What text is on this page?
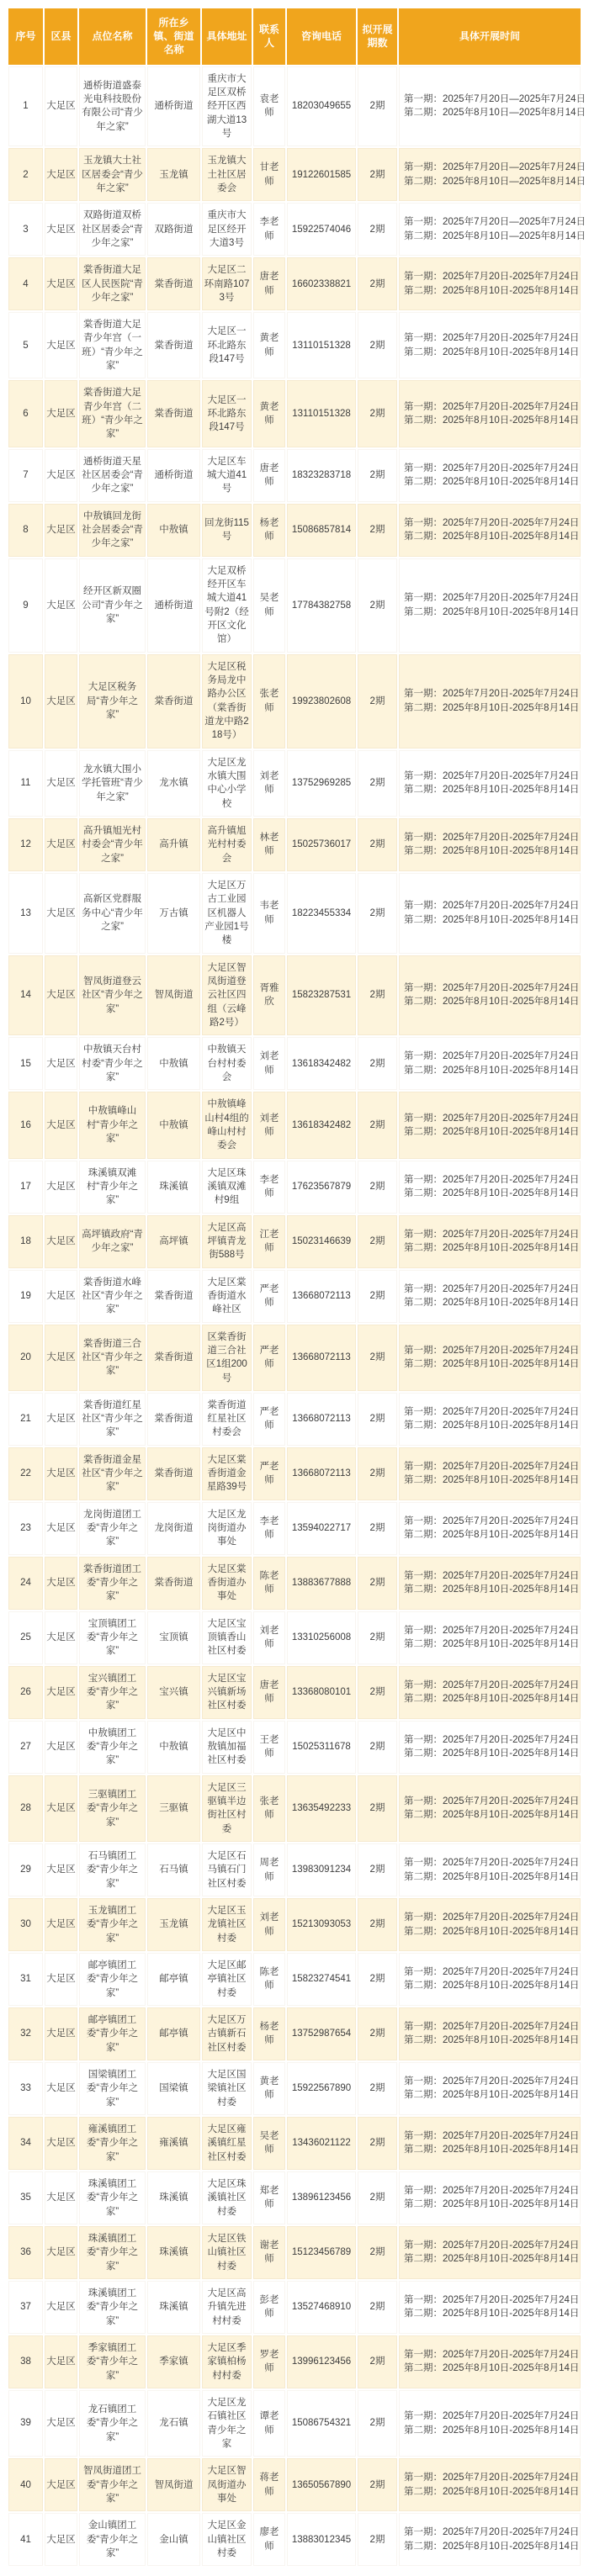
序号	区县	点位名称	所在乡镇、街道名称	具体地址	联系人	咨询电话	拟开展期数	具体开展时间
1	大足区	通桥街道盛泰光电科技股份有限公司“青少年之家”	通桥街道	重庆市大足区双桥经开区西湖大道13号	袁老师	18203049655	2期	第一期：2025年7月20日—2025年7月24日
第二期：2025年8月10日—2025年8月14日

2	大足区	玉龙镇大土社区居委会“青少年之家”	玉龙镇	玉龙镇大土社区居委会	甘老师	19122601585	2期	第一期：2025年7月20日—2025年7月24日
第二期：2025年8月10日—2025年8月14日

3	大足区	双路街道双桥社区居委会“青少年之家”	双路街道	重庆市大足区经开大道3号	李老师	15922574046	2期	第一期：2025年7月20日—2025年7月24日
第二期：2025年8月10日—2025年8月14日

4	大足区	棠香街道大足区人民医院“青少年之家”	棠香街道	大足区二环南路1073号	唐老师	16602338821	2期	第一期：2025年7月20日-2025年7月24日
第二期：2025年8月10日-2025年8月14日

5	大足区	棠香街道大足青少年宫（一班）“青少年之家”	棠香街道	大足区一环北路东段147号	黄老师	13110151328	2期	第一期：2025年7月20日-2025年7月24日
第二期：2025年8月10日-2025年8月14日

6	大足区	棠香街道大足青少年宫（二班）“青少年之家”	棠香街道	大足区一环北路东段147号	黄老师	13110151328	2期	第一期：2025年7月20日-2025年7月24日
第二期：2025年8月10日-2025年8月14日

7	大足区	通桥街道天星社区居委会“青少年之家”	通桥街道	大足区车城大道41号	唐老师	18323283718	2期	第一期：2025年7月20日-2025年7月24日
第二期：2025年8月10日-2025年8月14日

8	大足区	中敖镇回龙街社会居委会“青少年之家”	中敖镇	回龙街115号	杨老师	15086857814	2期	第一期：2025年7月20日-2025年7月24日
第二期：2025年8月10日-2025年8月14日

9	大足区	经开区新双圈公司“青少年之家”	通桥街道	大足双桥经开区车城大道41号附2（经开区文化馆）	吴老师	17784382758	2期	第一期：2025年7月20日-2025年7月24日
第二期：2025年8月10日-2025年8月14日

10	大足区	大足区税务局“青少年之家”	棠香街道	大足区税务局龙中路办公区（棠香街道龙中路218号）	张老师	19923802608	2期	第一期：2025年7月20日-2025年7月24日
第二期：2025年8月10日-2025年8月14日

11	大足区	龙水镇大围小学托管班“青少年之家”	龙水镇	大足区龙水镇大围中心小学校	刘老师	13752969285	2期	第一期：2025年7月20日-2025年7月24日
第二期：2025年8月10日-2025年8月14日

12	大足区	高升镇旭光村村委会“青少年之家”	高升镇	高升镇旭光村村委会	林老师	15025736017	2期	第一期：2025年7月20日-2025年7月24日
第二期：2025年8月10日-2025年8月14日

13	大足区	高新区党群服务中心“青少年之家”	万古镇	大足区万古工业园区机器人产业园1号楼	韦老师	18223455334	2期	第一期：2025年7月20日-2025年7月24日
第二期：2025年8月10日-2025年8月14日

14	大足区	智凤街道登云社区“青少年之家”	智凤街道	大足区智凤街道登云社区四组（云峰路2号）	胥雅欣	15823287531	2期	第一期：2025年7月20日-2025年7月24日
第二期：2025年8月10日-2025年8月14日

15	大足区	中敖镇天台村村委“青少年之家”	中敖镇	中敖镇天台村村委会	刘老师	13618342482	2期	第一期：2025年7月20日-2025年7月24日
第二期：2025年8月10日-2025年8月14日

16	大足区	中敖镇峰山村“青少年之家”	中敖镇	中敖镇峰山村4组的峰山村村委会	刘老师	13618342482	2期	第一期：2025年7月20日-2025年7月24日
第二期：2025年8月10日-2025年8月14日

17	大足区	珠溪镇双滩村“青少年之家”	珠溪镇	大足区珠溪镇双滩村9组	李老师	17623567879	2期	第一期：2025年7月20日-2025年7月24日
第二期：2025年8月10日-2025年8月14日

18	大足区	高坪镇政府“青少年之家”	高坪镇	大足区高坪镇青龙街588号	江老师	15023146639	2期	第一期：2025年7月20日-2025年7月24日
第二期：2025年8月10日-2025年8月14日

19	大足区	棠香街道水峰社区“青少年之家”	棠香街道	大足区棠香街道水峰社区	严老师	13668072113	2期	第一期：2025年7月20日-2025年7月24日
第二期：2025年8月10日-2025年8月14日

20	大足区	棠香街道三合社区“青少年之家”	棠香街道	区棠香街道三合社区1组200号	严老师	13668072113	2期	第一期：2025年7月20日-2025年7月24日
第二期：2025年8月10日-2025年8月14日

21	大足区	棠香街道红星社区“青少年之家”	棠香街道	棠香街道红星社区村委会	严老师	13668072113	2期	第一期：2025年7月20日-2025年7月24日
第二期：2025年8月10日-2025年8月14日

22	大足区	棠香街道金星社区“青少年之家”	棠香街道	大足区棠香街道金星路39号	严老师	13668072113	2期	第一期：2025年7月20日-2025年7月24日
第二期：2025年8月10日-2025年8月14日

23	大足区	龙岗街道团工委“青少年之家”	龙岗街道	大足区龙岗街道办事处	李老师	13594022717	2期	第一期：2025年7月20日-2025年7月24日
第二期：2025年8月10日-2025年8月14日

24	大足区	棠香街道团工委“青少年之家”	棠香街道	大足区棠香街道办事处	陈老师	13883677888	2期	第一期：2025年7月20日-2025年7月24日
第二期：2025年8月10日-2025年8月14日

25	大足区	宝顶镇团工委“青少年之家”	宝顶镇	大足区宝顶镇香山社区村委	刘老师	13310256008	2期	第一期：2025年7月20日-2025年7月24日
第二期：2025年8月10日-2025年8月14日

26	大足区	宝兴镇团工委“青少年之家”	宝兴镇	大足区宝兴镇新场社区村委	唐老师	13368080101	2期	第一期：2025年7月20日-2025年7月24日
第二期：2025年8月10日-2025年8月14日

27	大足区	中敖镇团工委“青少年之家”	中敖镇	大足区中敖镇加福社区村委	王老师	15025311678	2期	第一期：2025年7月20日-2025年7月24日
第二期：2025年8月10日-2025年8月14日

28	大足区	三驱镇团工委“青少年之家”	三驱镇	大足区三驱镇半边街社区村委	张老师	13635492233	2期	第一期：2025年7月20日-2025年7月24日
第二期：2025年8月10日-2025年8月14日

29	大足区	石马镇团工委“青少年之家”	石马镇	大足区石马镇石门社区村委	周老师	13983091234	2期	第一期：2025年7月20日-2025年7月24日
第二期：2025年8月10日-2025年8月14日

30	大足区	玉龙镇团工委“青少年之家”	玉龙镇	大足区玉龙镇社区村委	刘老师	15213093053	2期	第一期：2025年7月20日-2025年7月24日
第二期：2025年8月10日-2025年8月14日

31	大足区	邮亭镇团工委“青少年之家”	邮亭镇	大足区邮亭镇社区村委	陈老师	15823274541	2期	第一期：2025年7月20日-2025年7月24日
第二期：2025年8月10日-2025年8月14日

32	大足区	邮亭镇团工委“青少年之家”	邮亭镇	大足区万古镇新石社区村委	杨老师	13752987654	2期	第一期：2025年7月20日-2025年7月24日
第二期：2025年8月10日-2025年8月14日

33	大足区	国梁镇团工委“青少年之家”	国梁镇	大足区国梁镇社区村委	黄老师	15922567890	2期	第一期：2025年7月20日-2025年7月24日
第二期：2025年8月10日-2025年8月14日

34	大足区	雍溪镇团工委“青少年之家”	雍溪镇	大足区雍溪镇红星社区村委	吴老师	13436021122	2期	第一期：2025年7月20日-2025年7月24日
第二期：2025年8月10日-2025年8月14日

35	大足区	珠溪镇团工委“青少年之家”	珠溪镇	大足区珠溪镇社区村委	郑老师	13896123456	2期	第一期：2025年7月20日-2025年7月24日
第二期：2025年8月10日-2025年8月14日

36	大足区	珠溪镇团工委“青少年之家”	珠溪镇	大足区铁山镇社区村委	谢老师	15123456789	2期	第一期：2025年7月20日-2025年7月24日
第二期：2025年8月10日-2025年8月14日

37	大足区	珠溪镇团工委“青少年之家”	珠溪镇	大足区高升镇先进村村委	彭老师	13527468910	2期	第一期：2025年7月20日-2025年7月24日
第二期：2025年8月10日-2025年8月14日

38	大足区	季家镇团工委“青少年之家”	季家镇	大足区季家镇柏杨村村委	罗老师	13996123456	2期	第一期：2025年7月20日-2025年7月24日
第二期：2025年8月10日-2025年8月14日

39	大足区	龙石镇团工委“青少年之家”	龙石镇	大足区龙石镇社区青少年之家	谭老师	15086754321	2期	第一期：2025年7月20日-2025年7月24日
第二期：2025年8月10日-2025年8月14日

40	大足区	智凤街道团工委“青少年之家”	智凤街道	大足区智凤街道办事处	蒋老师	13650567890	2期	第一期：2025年7月20日-2025年7月24日
第二期：2025年8月10日-2025年8月14日

41	大足区	金山镇团工委“青少年之家”	金山镇	大足区金山镇社区村委	廖老师	13883012345	2期	第一期：2025年7月20日-2025年7月24日
第二期：2025年8月10日-2025年8月14日
